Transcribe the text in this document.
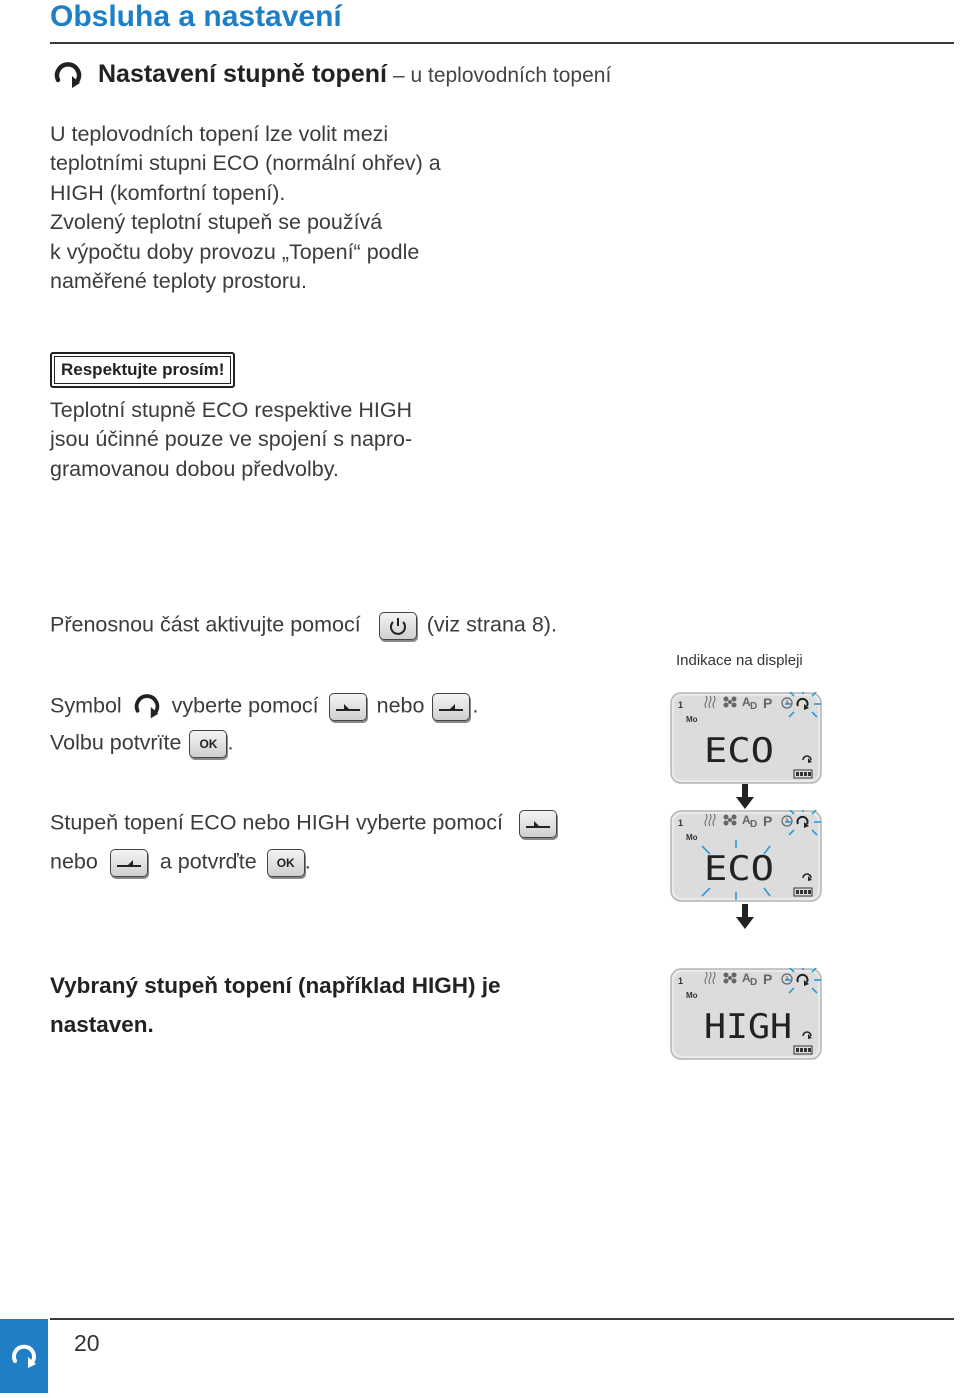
Obsluha a nastavení
Nastavení stupně topení – u teplovodních topení
U teplovodních topení lze volit mezi
teplotními stupni ECO (normální ohřev) a
HIGH (komfortní topení).
Zvolený teplotní stupeň se používá
k výpočtu doby provozu „Topení“ podle
naměřené teploty prostoru.
Respektujte prosím!
Teplotní stupně ECO respektive HIGH
jsou účinné pouze ve spojení s napro-
gramovanou dobou předvolby.
Přenosnou část aktivujte pomocí	(viz strana 8).
Indikace na displeji
Symbol vyberte pomocí	nebo .
Volbu potvrïte OK .
Stupeň topení ECO nebo HIGH vyberte pomocí
nebo	a potvrďte OK .
1
Mo
A D P
ECO
1
Mo
A D P
ECO
1
Mo
A D P
HIGH
Vybraný stupeň topení (například HIGH) je
nastaven.
20
